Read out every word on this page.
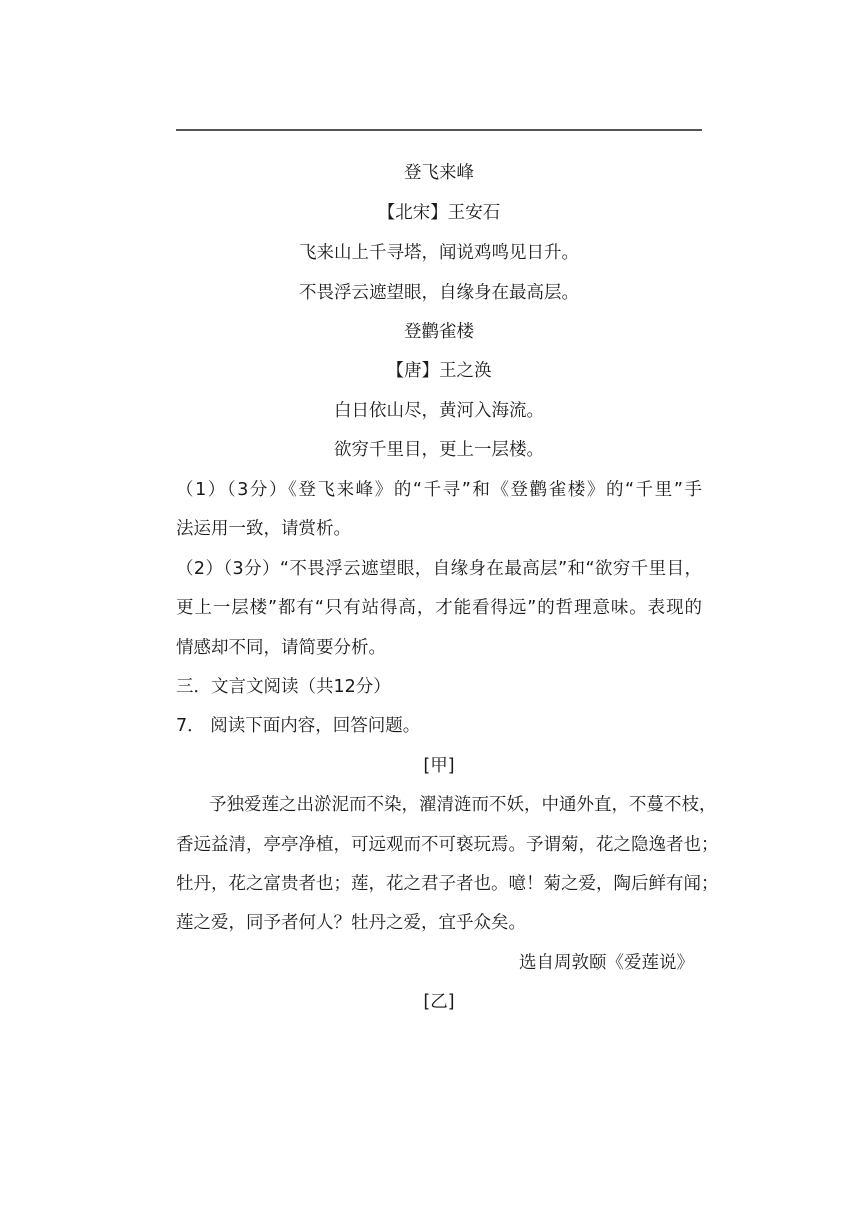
登飞来峰
【北宋】王安石
飞来山上千寻塔，闻说鸡鸣见日升。
不畏浮云遮望眼，自缘身在最高层。
登鹳雀楼
【唐】王之涣
白日依山尽，黄河入海流。
欲穷千里目，更上一层楼。
（1）（3分）《登飞来峰》的“千寻”和《登鹳雀楼》的“千里”手
法运用一致，请赏析。
（2）（3分）“不畏浮云遮望眼，自缘身在最高层”和“欲穷千里目，
更上一层楼”都有“只有站得高，才能看得远”的哲理意味。表现的
情感却不同，请简要分析。
三．文言文阅读（共12分）
￼7． 阅读下面内容，回答问题。
[甲]
予独爱莲之出淤泥而不染，濯清涟而不妖，中通外直，不蔓不枝，
香远益清，亭亭净植，可远观而不可亵玩焉。予谓菊，花之隐逸者也；
牡丹，花之富贵者也；莲，花之君子者也。噫！菊之爱，陶后鲜有闻；
莲之爱，同予者何人？牡丹之爱，宜乎众矣。
选自周敦颐《爱莲说》
[乙]
